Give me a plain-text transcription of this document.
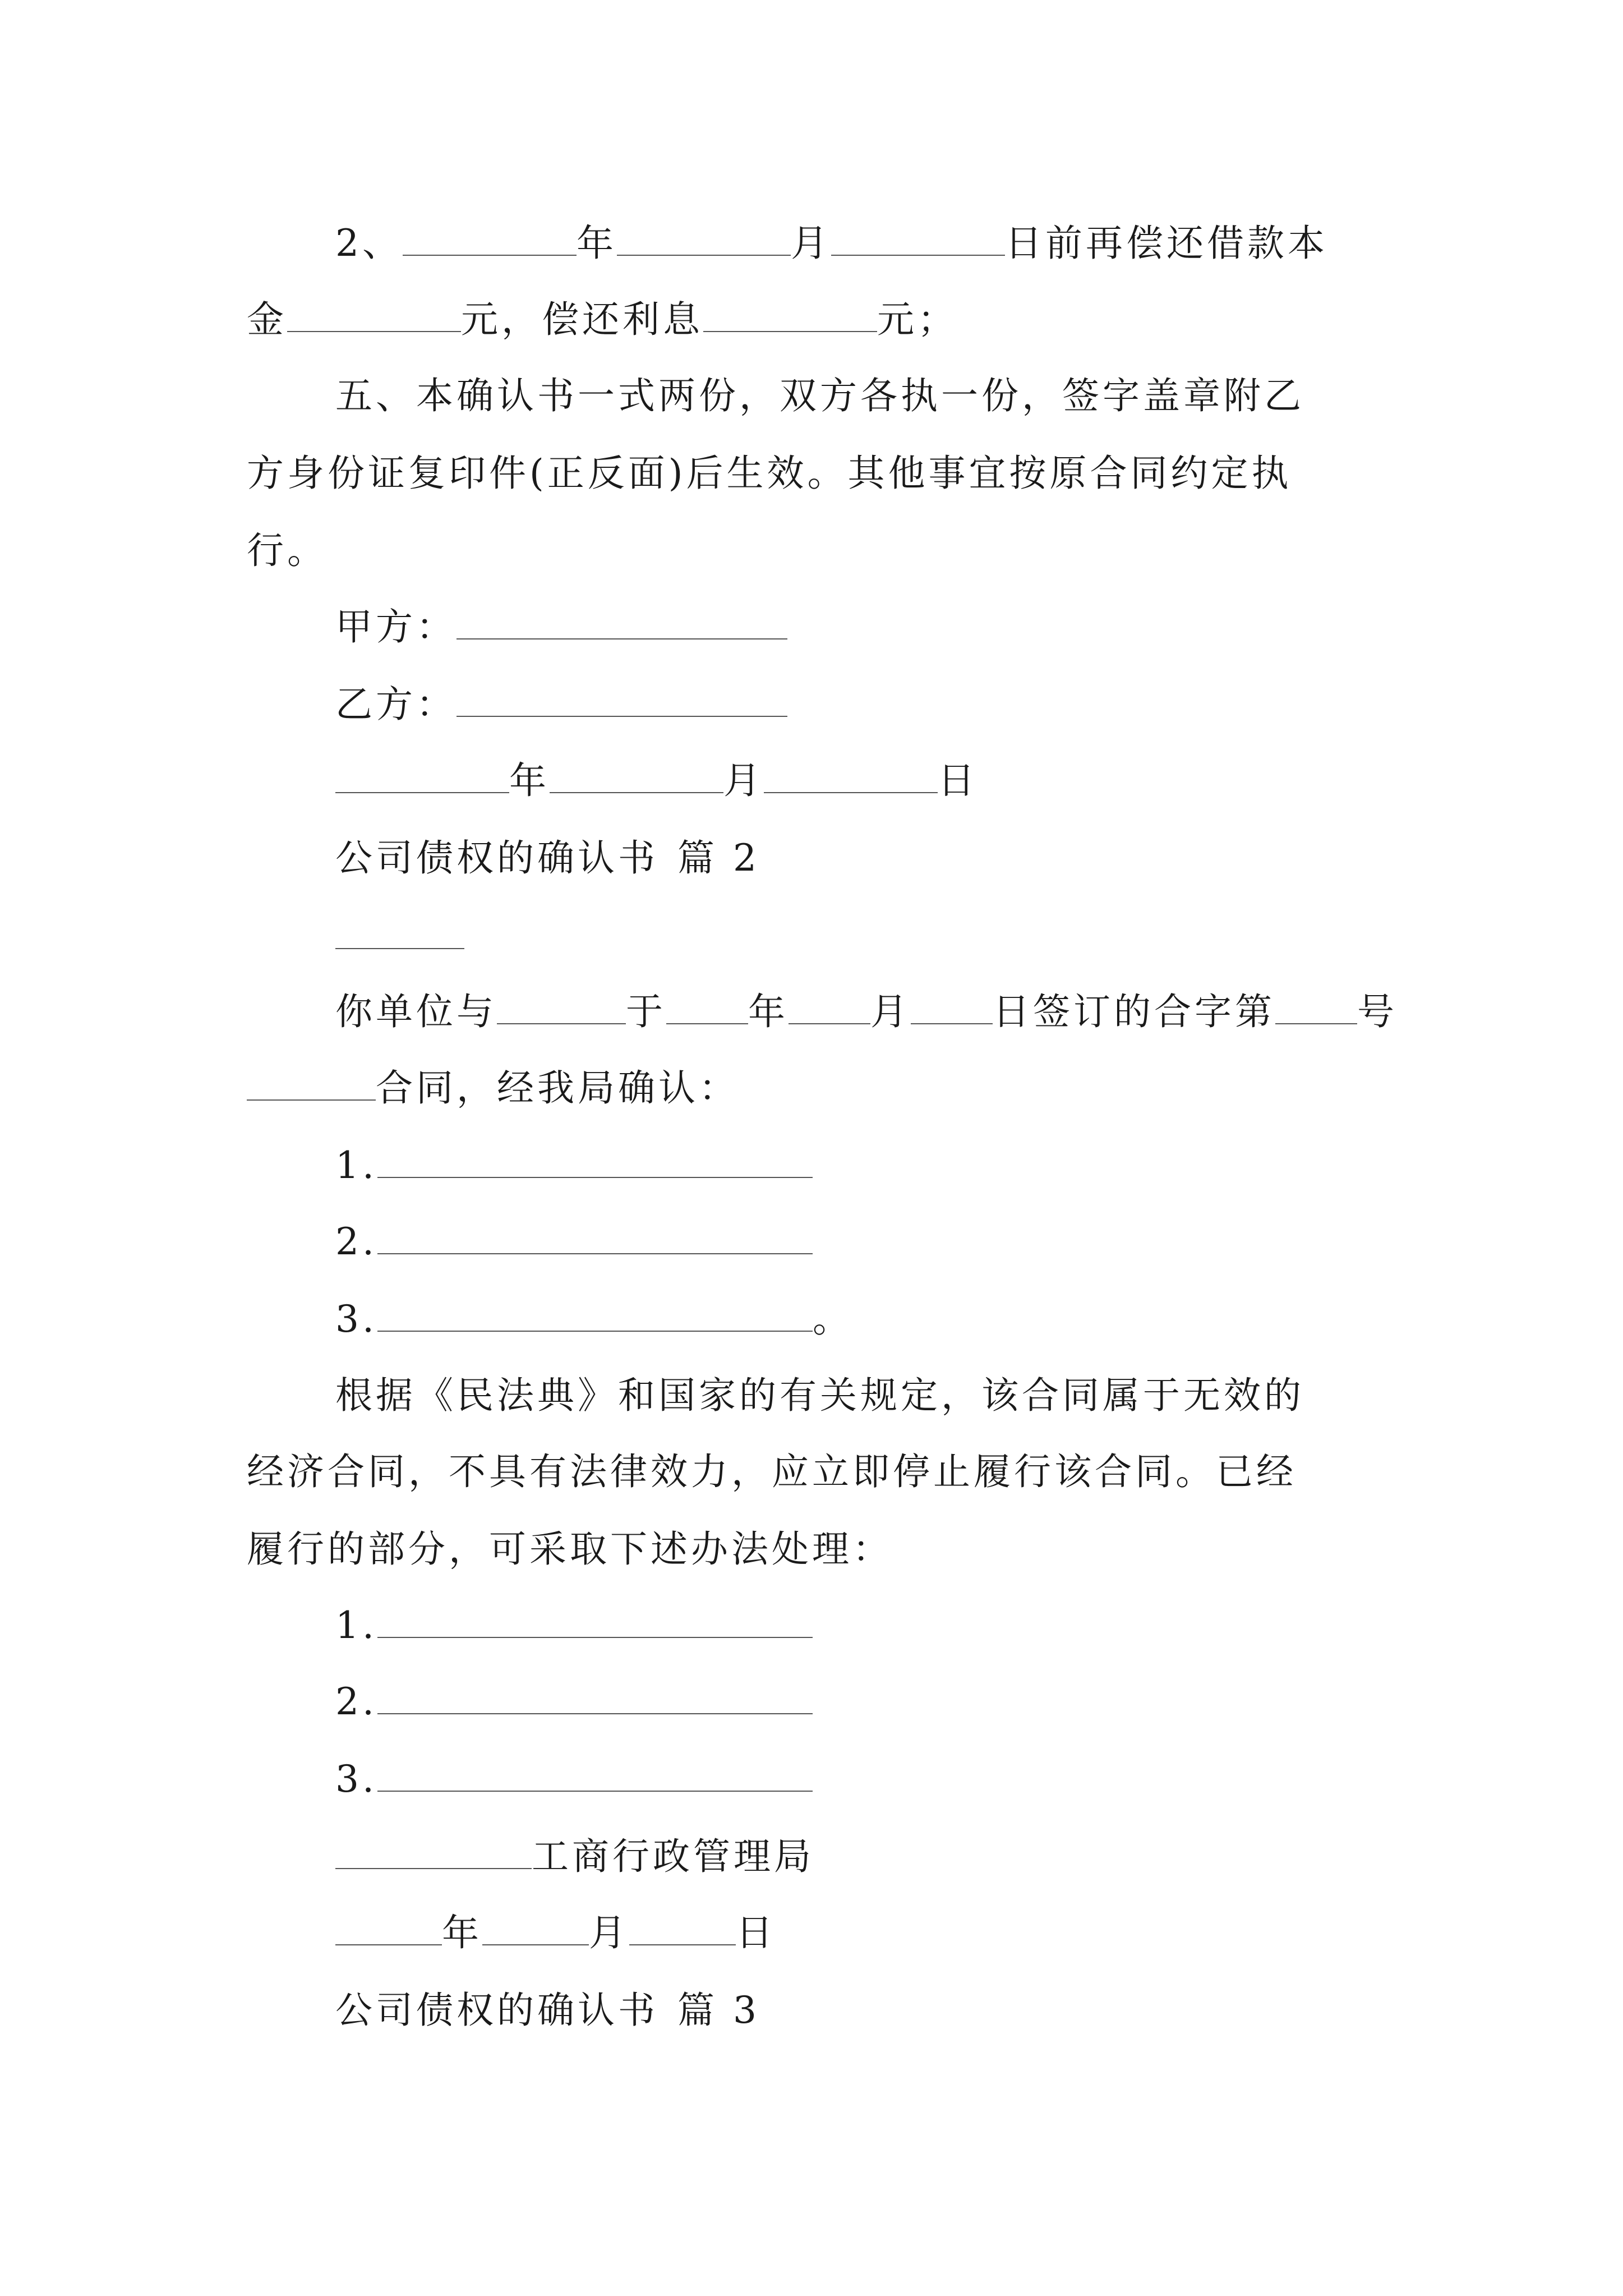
2、	年	月	日前再偿还借款本
金	元，偿还利息	元；
五、本确认书一式两份，双方各执一份，签字盖章附乙
方身份证复印件(正反面)后生效。其他事宜按原合同约定执
行。
甲方：
乙方：
年	月	日
公司债权的确认书 篇 2
你单位与	于 年 月 日签订的合字第 号
合同，经我局确认：
1.
2.
3.	。
根据《民法典》和国家的有关规定，该合同属于无效的
经济合同，不具有法律效力，应立即停止履行该合同。已经
履行的部分，可采取下述办法处理：
1.
2.
3.
工商行政管理局
年	月	日
公司债权的确认书 篇 3
